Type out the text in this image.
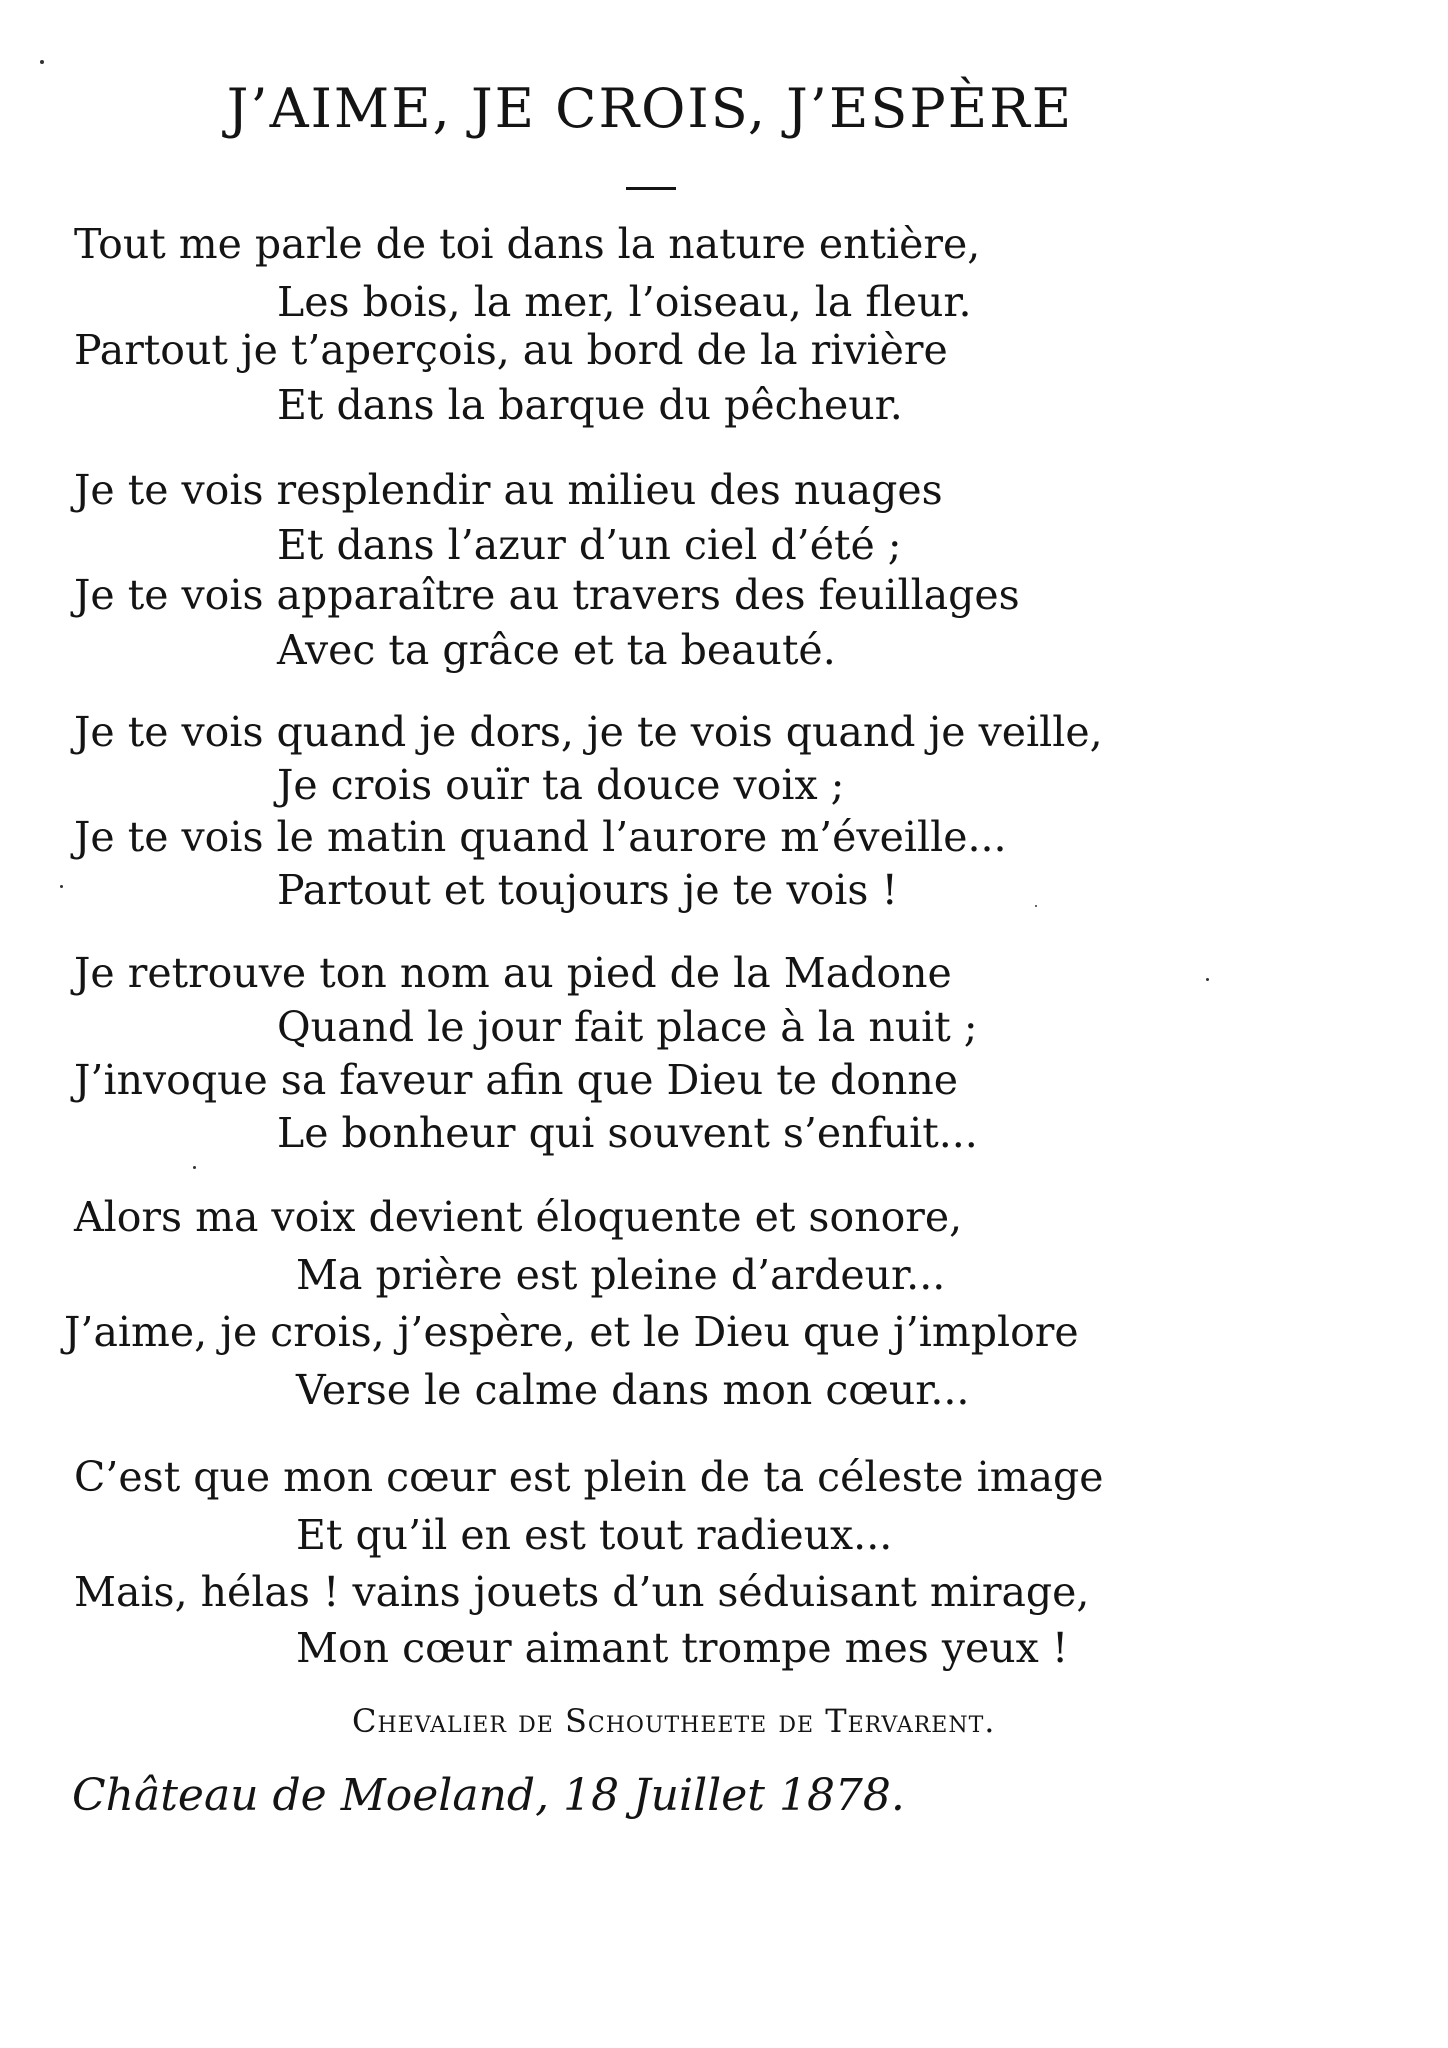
J’AIME, JE CROIS, J’ESPÈRE
Tout me parle de toi dans la nature entière,
Les bois, la mer, l’oiseau, la fleur.
Partout je t’aperçois, au bord de la rivière
Et dans la barque du pêcheur.
Je te vois resplendir au milieu des nuages
Et dans l’azur d’un ciel d’été ;
Je te vois apparaître au travers des feuillages
Avec ta grâce et ta beauté.
Je te vois quand je dors, je te vois quand je veille,
Je crois ouïr ta douce voix ;
Je te vois le matin quand l’aurore m’éveille...
Partout et toujours je te vois !
Je retrouve ton nom au pied de la Madone
Quand le jour fait place à la nuit ;
J’invoque sa faveur afin que Dieu te donne
Le bonheur qui souvent s’enfuit...
Alors ma voix devient éloquente et sonore,
Ma prière est pleine d’ardeur...
J’aime, je crois, j’espère, et le Dieu que j’implore
Verse le calme dans mon cœur...
C’est que mon cœur est plein de ta céleste image
Et qu’il en est tout radieux...
Mais, hélas ! vains jouets d’un séduisant mirage,
Mon cœur aimant trompe mes yeux !
Chevalier de Schoutheete de Tervarent.
Château de Moeland, 18 Juillet 1878.
